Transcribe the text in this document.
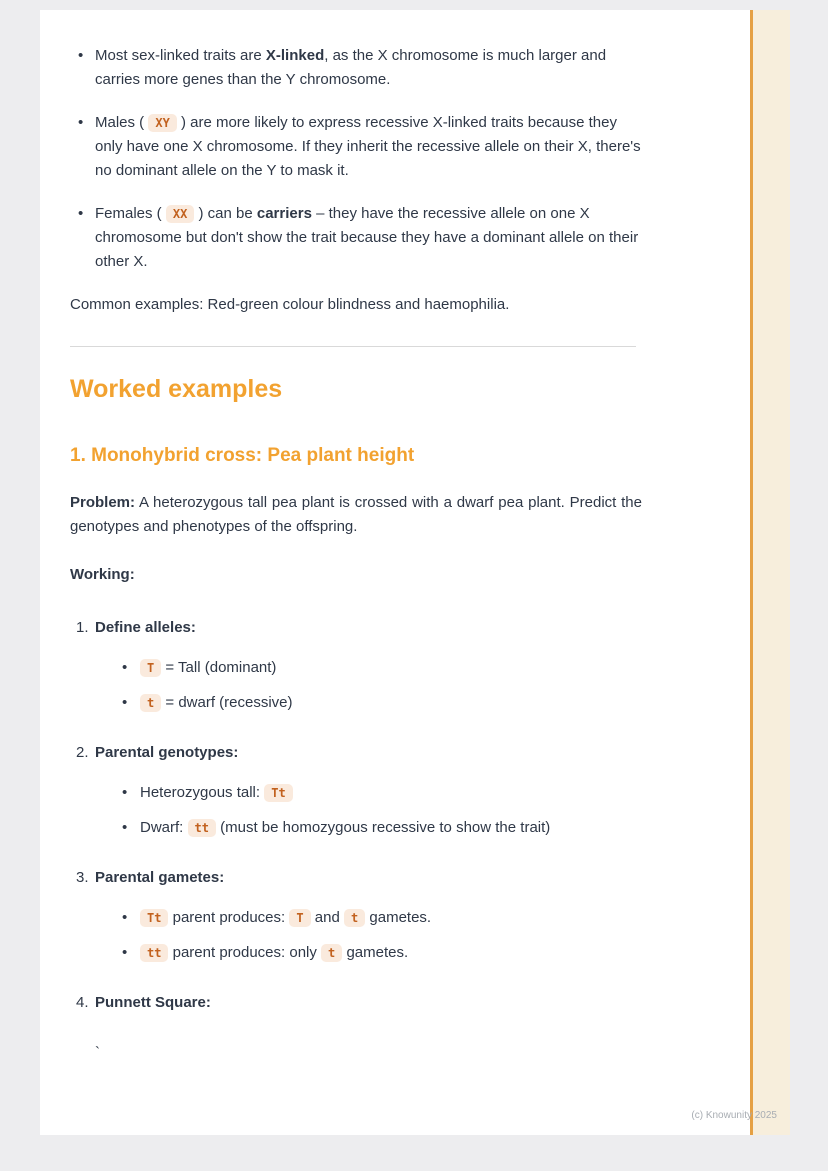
• Most sex-linked traits are X-linked, as the X chromosome is much larger and carries more genes than the Y chromosome.
• Males ( XY ) are more likely to express recessive X-linked traits because they only have one X chromosome. If they inherit the recessive allele on their X, there's no dominant allele on the Y to mask it.
• Females ( XX ) can be carriers – they have the recessive allele on one X chromosome but don't show the trait because they have a dominant allele on their other X.

Common examples: Red-green colour blindness and haemophilia.

Worked examples
1. Monohybrid cross: Pea plant height

Problem: A heterozygous tall pea plant is crossed with a dwarf pea plant. Predict the genotypes and phenotypes of the offspring.

Working:

1. Define alleles:
• T = Tall (dominant)
• t = dwarf (recessive)
2. Parental genotypes:
• Heterozygous tall: Tt
• Dwarf: tt (must be homozygous recessive to show the trait)
3. Parental gametes:
• Tt parent produces: T and t gametes.
• tt parent produces: only t gametes.
4. Punnett Square:
`
(c) Knowunity 2025
